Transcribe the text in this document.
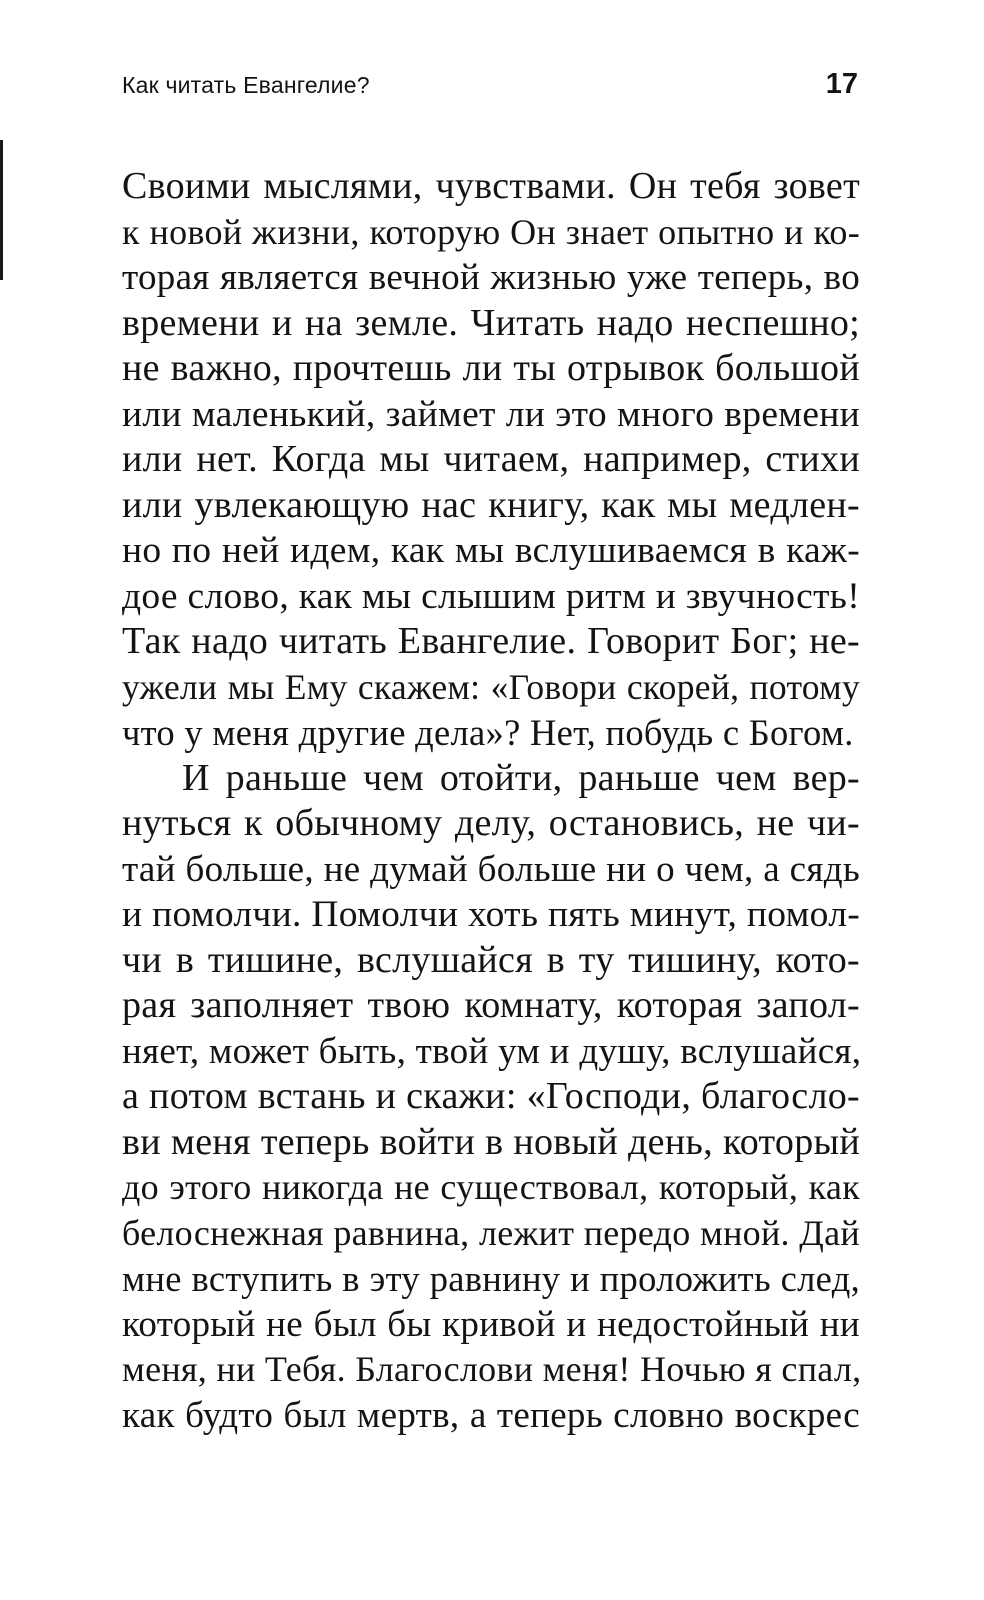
Как читать Евангелие?	17
Своими мыслями, чувствами. Он тебя зовет
к новой жизни, которую Он знает опытно и ко-
торая является вечной жизнью уже теперь, во
времени и на земле. Читать надо неспешно;
не важно, прочтешь ли ты отрывок большой
или маленький, займет ли это много времени
или нет. Когда мы читаем, например, стихи
или увлекающую нас книгу, как мы медлен-
но по ней идем, как мы вслушиваемся в каж-
дое слово, как мы слышим ритм и звучность!
Так надо читать Евангелие. Говорит Бог; не-
ужели мы Ему скажем: «Говори скорей, потому
что у меня другие дела»? Нет, побудь с Богом.
И раньше чем отойти, раньше чем вер-
нуться к обычному делу, остановись, не чи-
тай больше, не думай больше ни о чем, а сядь
и помолчи. Помолчи хоть пять минут, помол-
чи в тишине, вслушайся в ту тишину, кото-
рая заполняет твою комнату, которая запол-
няет, может быть, твой ум и душу, вслушайся,
а потом встань и скажи: «Господи, благосло-
ви меня теперь войти в новый день, который
до этого никогда не существовал, который, как
белоснежная равнина, лежит передо мной. Дай
мне вступить в эту равнину и проложить след,
который не был бы кривой и недостойный ни
меня, ни Тебя. Благослови меня! Ночью я спал,
как будто был мертв, а теперь словно воскрес
